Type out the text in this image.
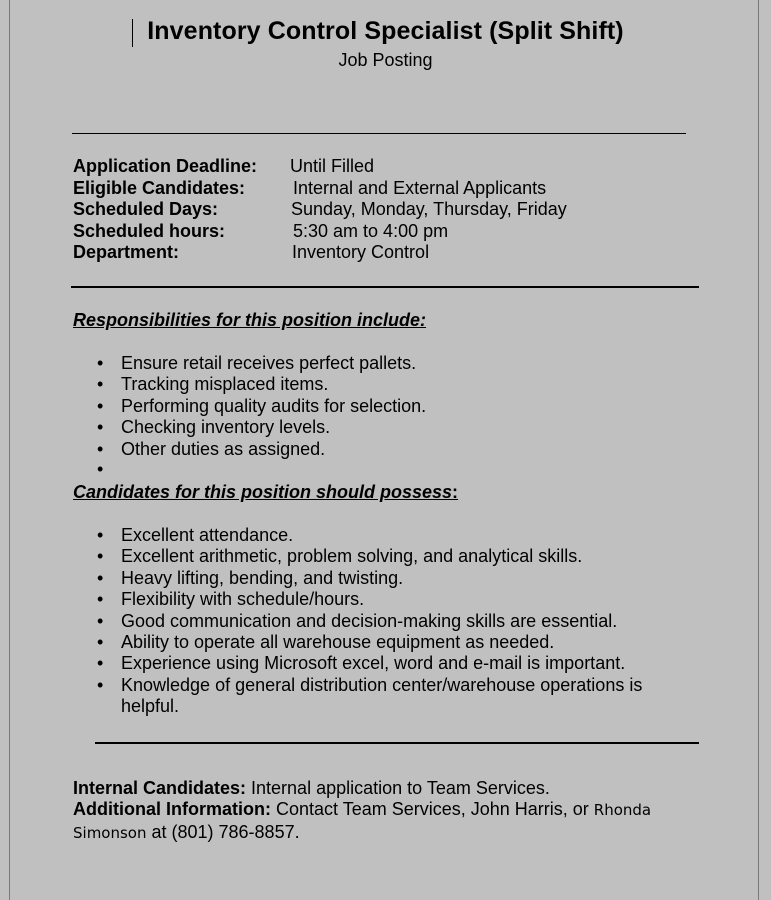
Inventory Control Specialist (Split Shift)
Job Posting
Application Deadline: Until Filled
Eligible Candidates:	Internal and External Applicants
Scheduled Days:	Sunday, Monday, Thursday, Friday
Scheduled hours:	5:30 am to 4:00 pm
Department:	Inventory Control
Responsibilities for this position include:
• Ensure retail receives perfect pallets.
• Tracking misplaced items.
• Performing quality audits for selection.
• Checking inventory levels.
• Other duties as assigned.
•
Candidates for this position should possess:
• Excellent attendance.
• Excellent arithmetic, problem solving, and analytical skills.
• Heavy lifting, bending, and twisting.
• Flexibility with schedule/hours.
• Good communication and decision-making skills are essential.
• Ability to operate all warehouse equipment as needed.
• Experience using Microsoft excel, word and e-mail is important.
• Knowledge of general distribution center/warehouse operations is helpful.
Internal Candidates: Internal application to Team Services.
Additional Information: Contact Team Services, John Harris, or Rhonda Simonson at (801) 786-8857.
